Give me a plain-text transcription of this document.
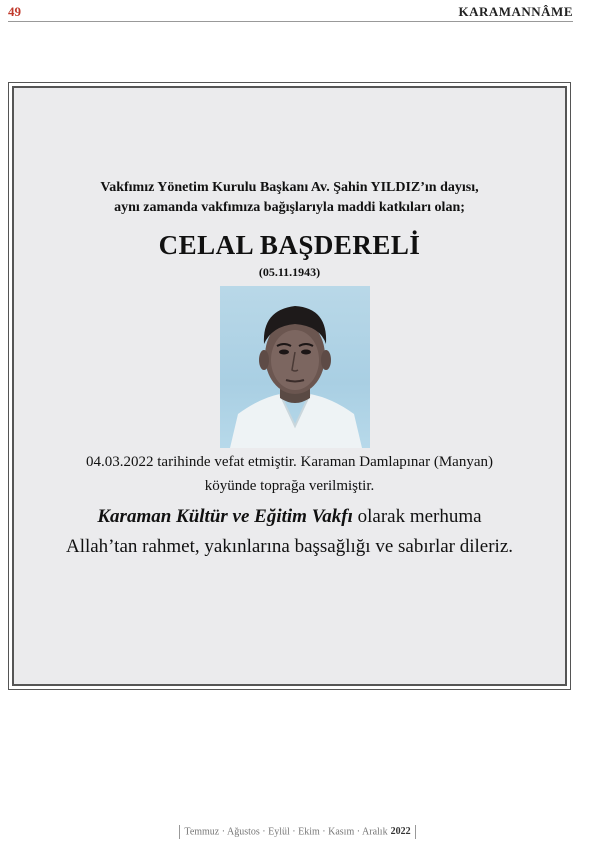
49	KARAMANNÂME
Vakfımız Yönetim Kurulu Başkanı Av. Şahin YILDIZ’ın dayısı,
aynı zamanda vakfımıza bağışlarıyla maddi katkıları olan;
CELAL BAŞDERELİ
(05.11.1943)
04.03.2022 tarihinde vefat etmiştir. Karaman Damlapınar (Manyan)
köyünde toprağa verilmiştir.
Karaman Kültür ve Eğitim Vakfı olarak merhuma
Allah’tan rahmet, yakınlarına başsağlığı ve sabırlar dileriz.
Temmuz · Ağustos · Eylül · Ekim · Kasım · Aralık 2022
